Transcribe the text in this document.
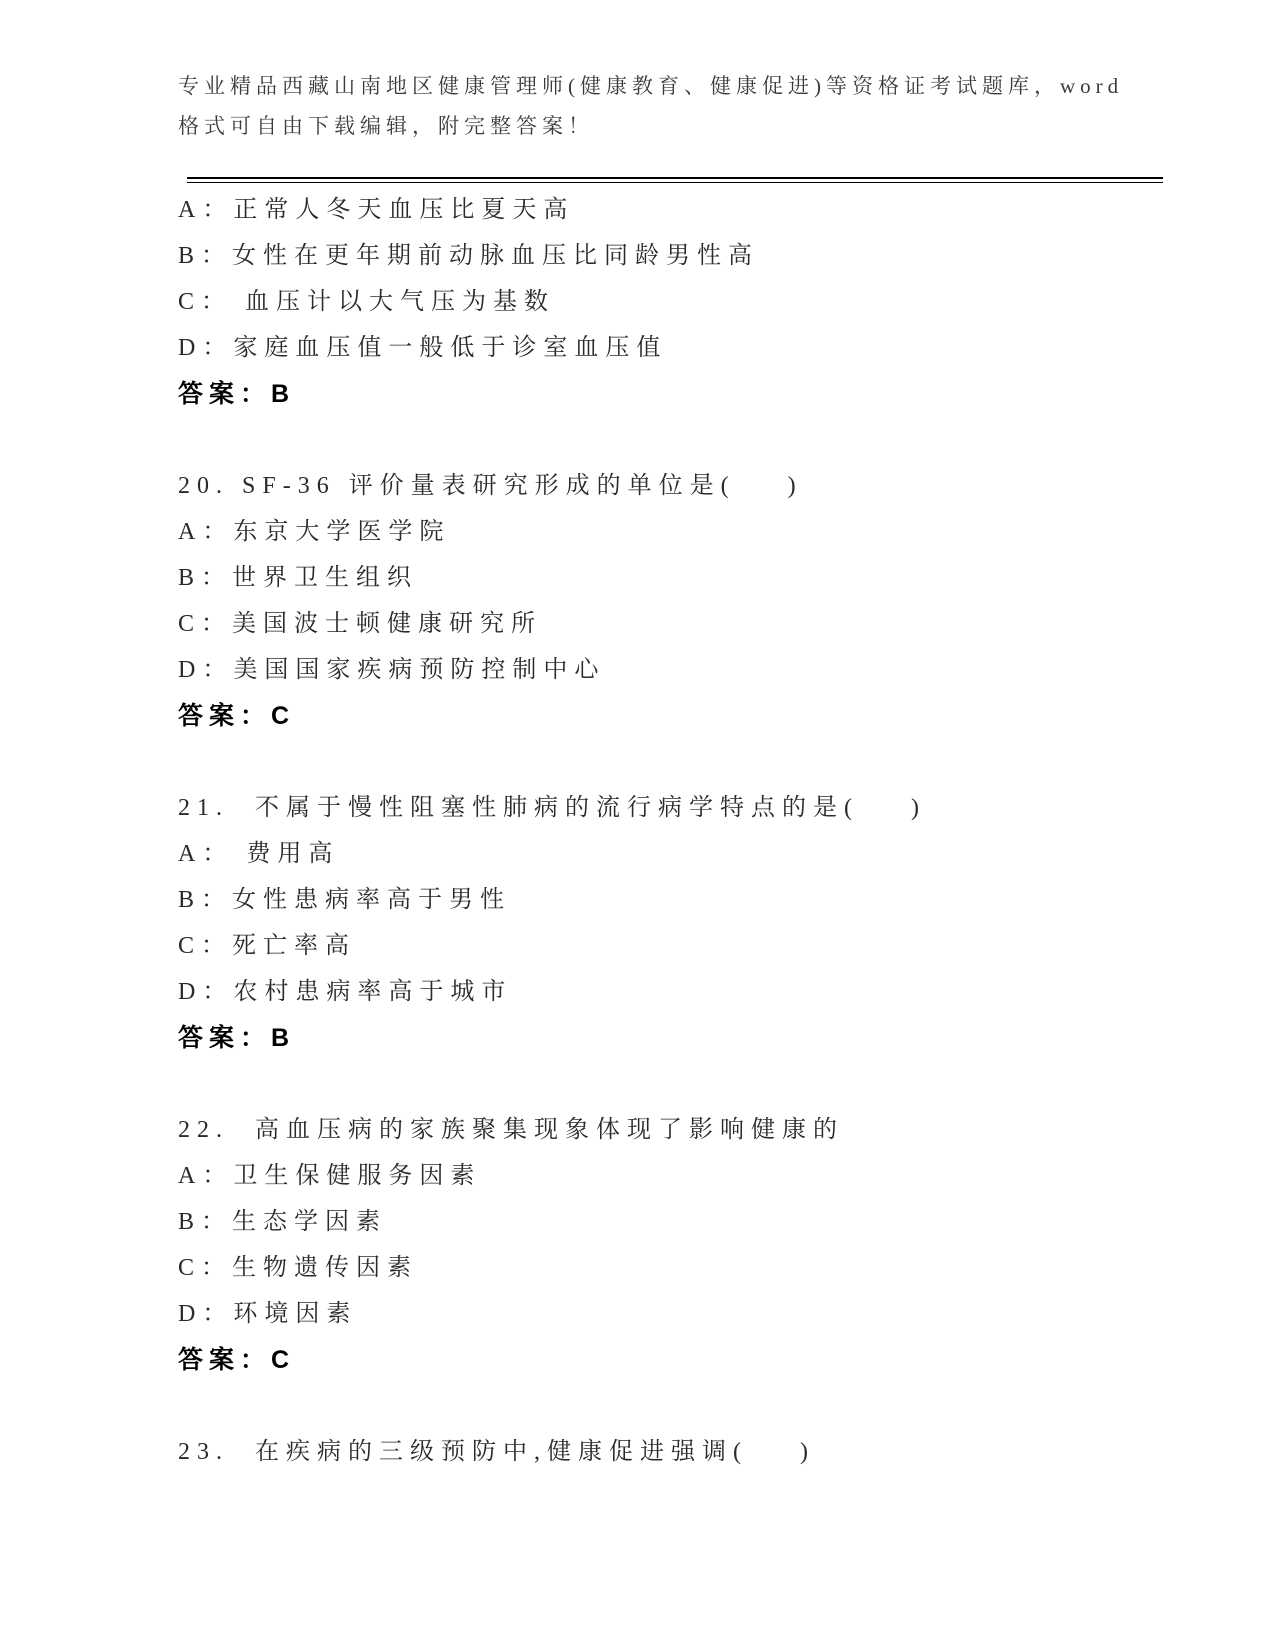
专业精品西藏山南地区健康管理师(健康教育、健康促进)等资格证考试题库，word
格式可自由下载编辑，附完整答案！
A：正常人冬天血压比夏天高
B：女性在更年期前动脉血压比同龄男性高
C： 血压计以大气压为基数
D：家庭血压值一般低于诊室血压值
答案：B
20. SF-36 评价量表研究形成的单位是(    )
A：东京大学医学院
B：世界卫生组织
C：美国波士顿健康研究所
D：美国国家疾病预防控制中心
答案：C
21.  不属于慢性阻塞性肺病的流行病学特点的是(    )
A： 费用高
B：女性患病率高于男性
C：死亡率高
D：农村患病率高于城市
答案：B
22.  高血压病的家族聚集现象体现了影响健康的
A：卫生保健服务因素
B：生态学因素
C：生物遗传因素
D：环境因素
答案：C
23.  在疾病的三级预防中,健康促进强调(    )
